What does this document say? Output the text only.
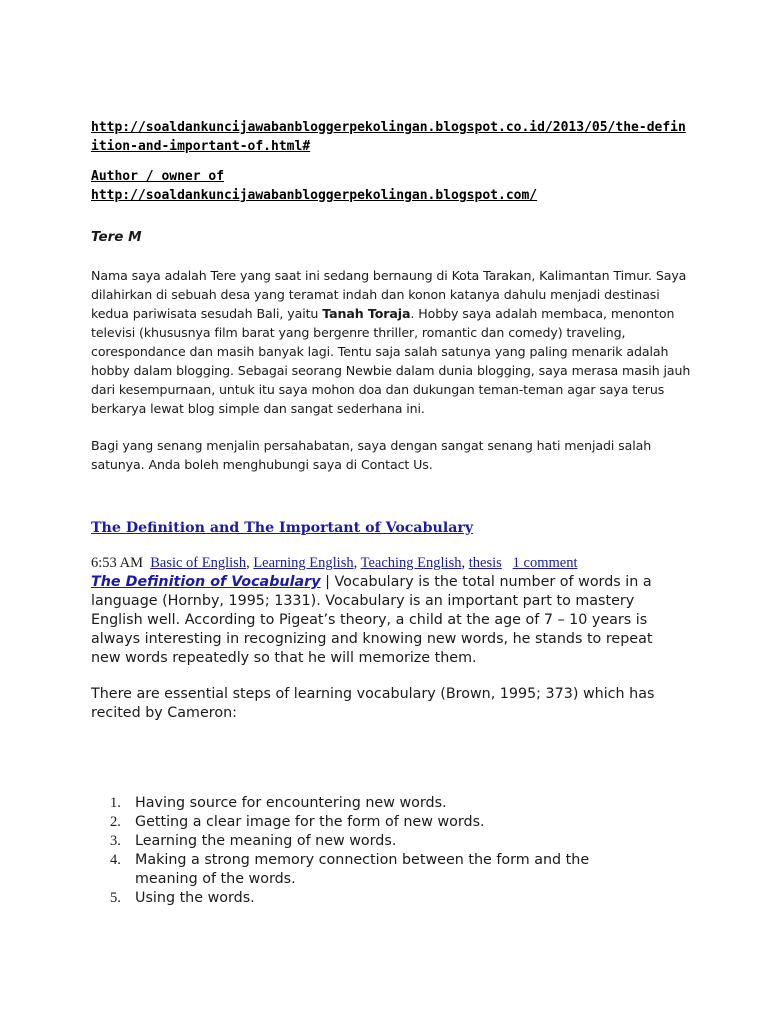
http://soaldankuncijawabanbloggerpekolingan.blogspot.co.id/2013/05/the-definition-and-important-of.html#
Author / owner of
http://soaldankuncijawabanbloggerpekolingan.blogspot.com/
Tere M

Nama saya adalah Tere yang saat ini sedang bernaung di Kota Tarakan, Kalimantan Timur. Saya dilahirkan di sebuah desa yang teramat indah dan konon katanya dahulu menjadi destinasi kedua pariwisata sesudah Bali, yaitu Tanah Toraja. Hobby saya adalah membaca, menonton televisi (khususnya film barat yang bergenre thriller, romantic dan comedy) traveling, corespondance dan masih banyak lagi. Tentu saja salah satunya yang paling menarik adalah hobby dalam blogging. Sebagai seorang Newbie dalam dunia blogging, saya merasa masih jauh dari kesempurnaan, untuk itu saya mohon doa dan dukungan teman-teman agar saya terus berkarya lewat blog simple dan sangat sederhana ini.

Bagi yang senang menjalin persahabatan, saya dengan sangat senang hati menjadi salah satunya. Anda boleh menghubungi saya di Contact Us.

The Definition and The Important of Vocabulary
6:53 AM Basic of English, Learning English, Teaching English, thesis 1 comment

The Definition of Vocabulary | Vocabulary is the total number of words in a language (Hornby, 1995; 1331). Vocabulary is an important part to mastery English well. According to Pigeat’s theory, a child at the age of 7 – 10 years is always interesting in recognizing and knowing new words, he stands to repeat new words repeatedly so that he will memorize them.

There are essential steps of learning vocabulary (Brown, 1995; 373) which has recited by Cameron:

1. Having source for encountering new words.
2. Getting a clear image for the form of new words.
3. Learning the meaning of new words.
4. Making a strong memory connection between the form and the meaning of the words.
5. Using the words.
